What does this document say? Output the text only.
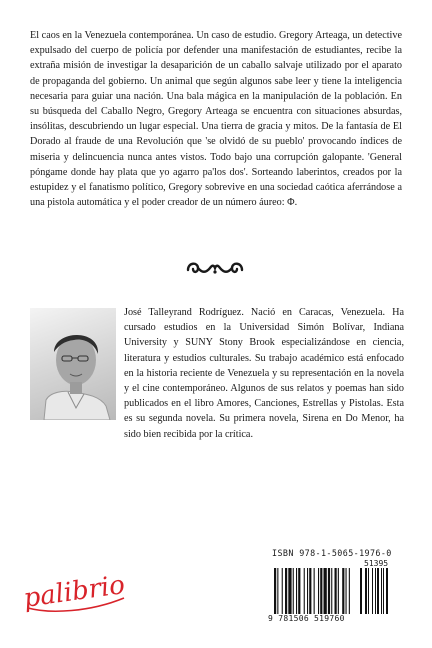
El caos en la Venezuela contemporánea. Un caso de estudio. Gregory Arteaga, un detective expulsado del cuerpo de policía por defender una manifestación de estudiantes, recibe la extraña misión de investigar la desaparición de un caballo salvaje utilizado por el aparato de propaganda del gobierno. Un animal que según algunos sabe leer y tiene la inteligencia necesaria para guiar una nación. Una bala mágica en la manipulación de la población. En su búsqueda del Caballo Negro, Gregory Arteaga se encuentra con situaciones absurdas, insólitas, descubriendo un lugar especial. Una tierra de gracia y mitos. De la fantasía de El Dorado al fraude de una Revolución que 'se olvidó de su pueblo' provocando índices de miseria y delincuencia nunca antes vistos. Todo bajo una corrupción galopante. 'General póngame donde hay plata que yo agarro pa'los dos'. Sorteando laberintos, creados por la estupidez y el fanatismo político, Gregory sobrevive en una sociedad caótica aferrándose a una pistola automática y el poder creador de un número áureo: Φ.

José Talleyrand Rodríguez. Nació en Caracas, Venezuela. Ha cursado estudios en la Universidad Simón Bolívar, Indiana University y SUNY Stony Brook especializándose en ciencia, literatura y estudios culturales. Su trabajo académico está enfocado en la historia reciente de Venezuela y su representación en la novela y el cine contemporáneo. Algunos de sus relatos y poemas han sido publicados en el libro Amores, Canciones, Estrellas y Pistolas. Esta es su segunda novela. Su primera novela, Sirena en Do Menor, ha sido bien recibida por la crítica.

palibrio
ISBN 978-1-5065-1976-0
51395
9 781506 519760
